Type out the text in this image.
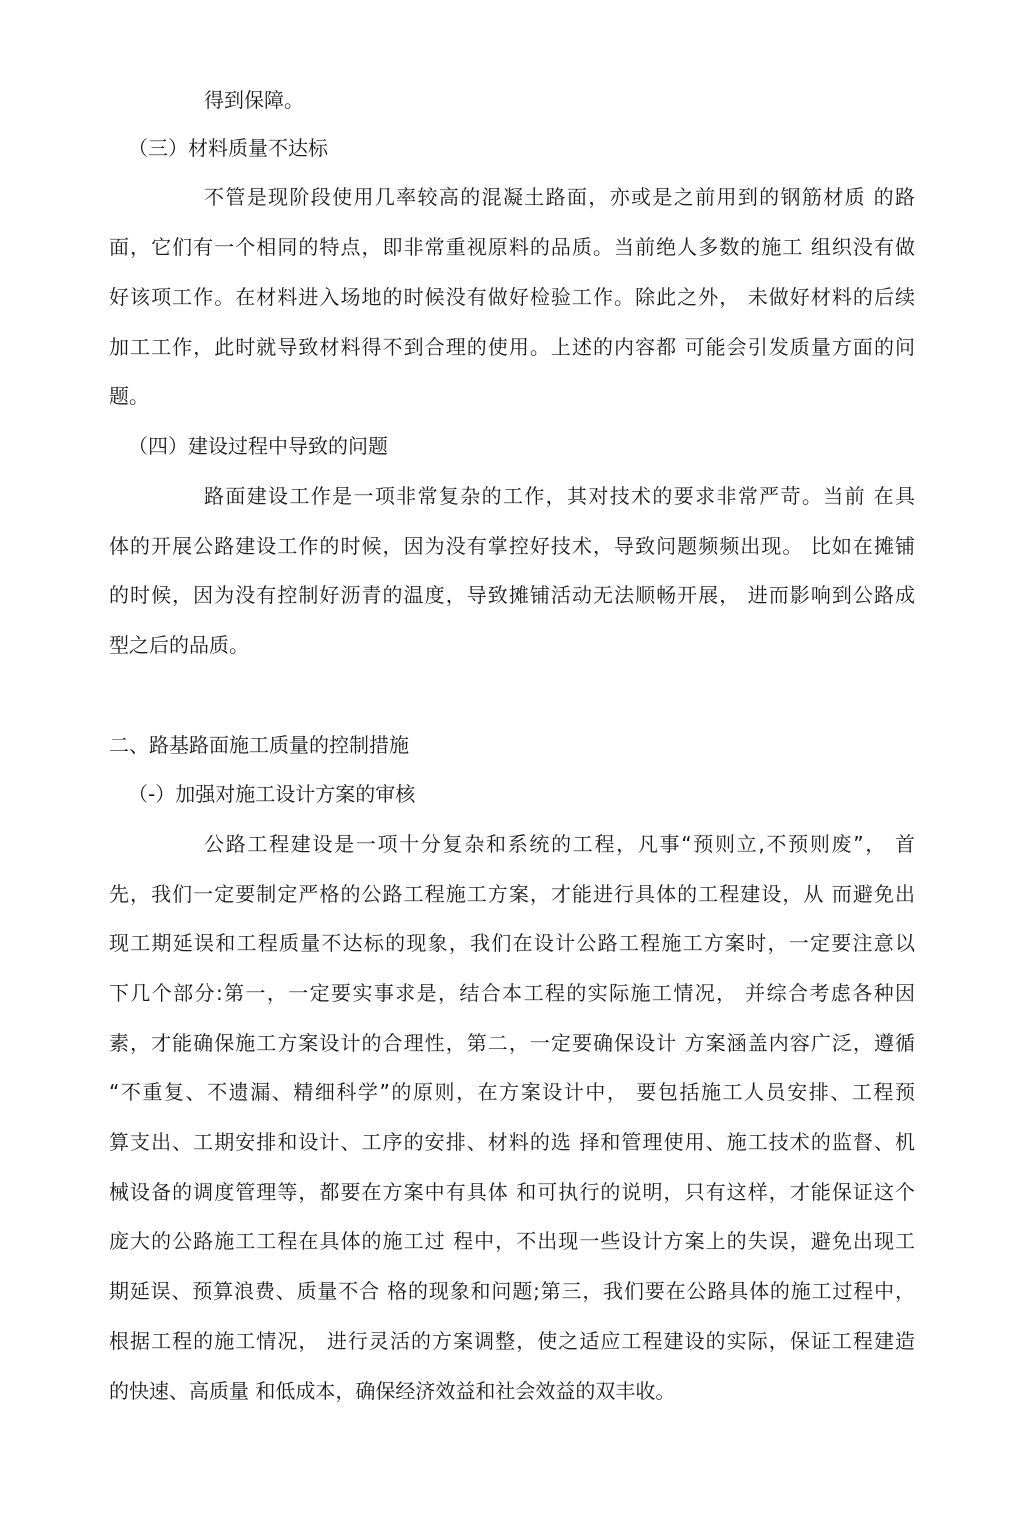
得到保障。
（三）材料质量不达标
不管是现阶段使用几率较高的混凝土路面，亦或是之前用到的钢筋材质 的路
面，它们有一个相同的特点，即非常重视原料的品质。当前绝人多数的施工 组织没有做
好该项工作。在材料进入场地的时候没有做好检验工作。除此之外， 未做好材料的后续
加工工作，此时就导致材料得不到合理的使用。上述的内容都 可能会引发质量方面的问
题。
（四）建设过程中导致的问题
路面建设工作是一项非常复杂的工作，其对技术的要求非常严苛。当前 在具
体的开展公路建设工作的时候，因为没有掌控好技术，导致问题频频出现。 比如在摊铺
的时候，因为没有控制好沥青的温度，导致摊铺活动无法顺畅开展， 进而影响到公路成
型之后的品质。
二、路基路面施工质量的控制措施
（-）加强对施工设计方案的审核
公路工程建设是一项十分复杂和系统的工程，凡事“预则立,不预则废”， 首
先，我们一定要制定严格的公路工程施工方案，才能进行具体的工程建设，从 而避免出
现工期延误和工程质量不达标的现象，我们在设计公路工程施工方案时，一定要注意以
下几个部分:第一，一定要实事求是，结合本工程的实际施工情况， 并综合考虑各种因
素，才能确保施工方案设计的合理性，第二，一定要确保设计 方案涵盖内容广泛，遵循
“不重复、不遗漏、精细科学”的原则，在方案设计中， 要包括施工人员安排、工程预
算支出、工期安排和设计、工序的安排、材料的选 择和管理使用、施工技术的监督、机
械设备的调度管理等，都要在方案中有具体 和可执行的说明，只有这样，才能保证这个
庞大的公路施工工程在具体的施工过 程中，不出现一些设计方案上的失误，避免出现工
期延误、预算浪费、质量不合 格的现象和问题;第三，我们要在公路具体的施工过程中，
根据工程的施工情况， 进行灵活的方案调整，使之适应工程建设的实际，保证工程建造
的快速、高质量 和低成本，确保经济效益和社会效益的双丰收。
